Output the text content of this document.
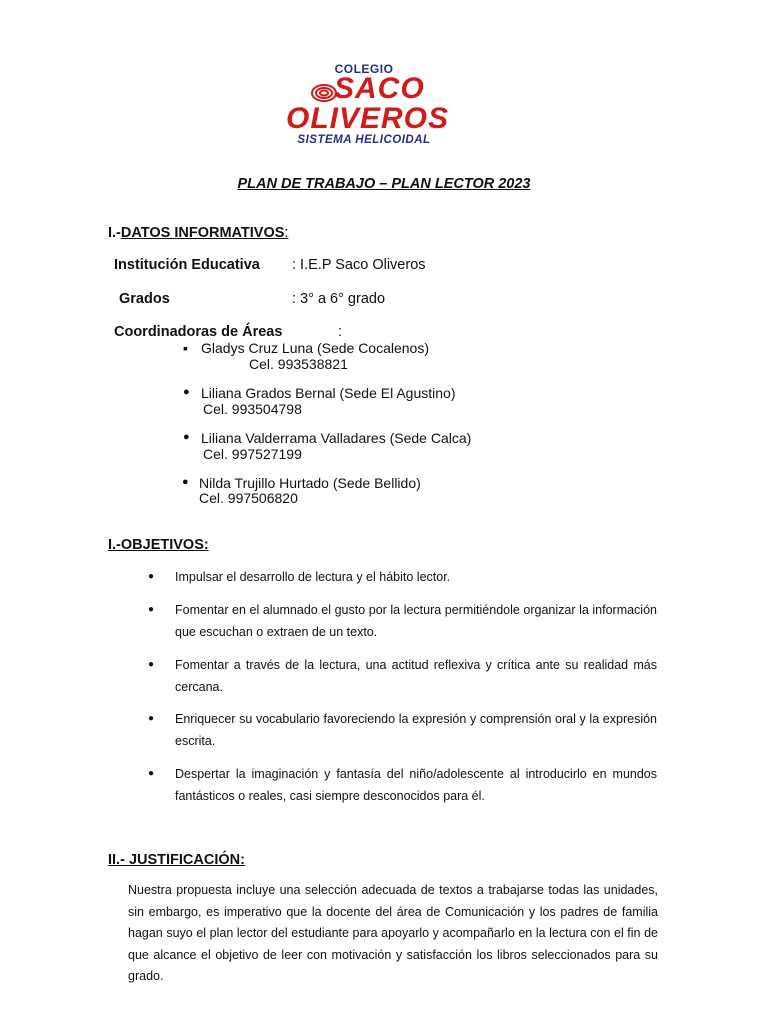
COLEGIO
SACO
OLIVEROS
SISTEMA HELICOIDAL
PLAN DE TRABAJO – PLAN LECTOR 2023
I.-DATOS INFORMATIVOS:
Institución Educativa : I.E.P Saco Oliveros
Grados	: 3° a 6° grado
Coordinadoras de Áreas	:
▪ Gladys Cruz Luna (Sede Cocalenos)
Cel. 993538821
● Liliana Grados Bernal (Sede El Agustino)
Cel. 993504798
● Liliana Valderrama Valladares (Sede Calca)
Cel. 997527199
● Nilda Trujillo Hurtado (Sede Bellido)
Cel. 997506820
I.-OBJETIVOS:
● Impulsar el desarrollo de lectura y el hábito lector.
● Fomentar en el alumnado el gusto por la lectura permitiéndole organizar la información que escuchan o extraen de un texto.
● Fomentar a través de la lectura, una actitud reflexiva y crítica ante su realidad más cercana.
● Enriquecer su vocabulario favoreciendo la expresión y comprensión oral y la expresión escrita.
● Despertar la imaginación y fantasía del niño/adolescente al introducirlo en mundos fantásticos o reales, casi siempre desconocidos para él.
II.- JUSTIFICACIÓN:
Nuestra propuesta incluye una selección adecuada de textos a trabajarse todas las unidades, sin embargo, es imperativo que la docente del área de Comunicación y los padres de familia hagan suyo el plan lector del estudiante para apoyarlo y acompañarlo en la lectura con el fin de que alcance el objetivo de leer con motivación y satisfacción los libros seleccionados para su grado.
